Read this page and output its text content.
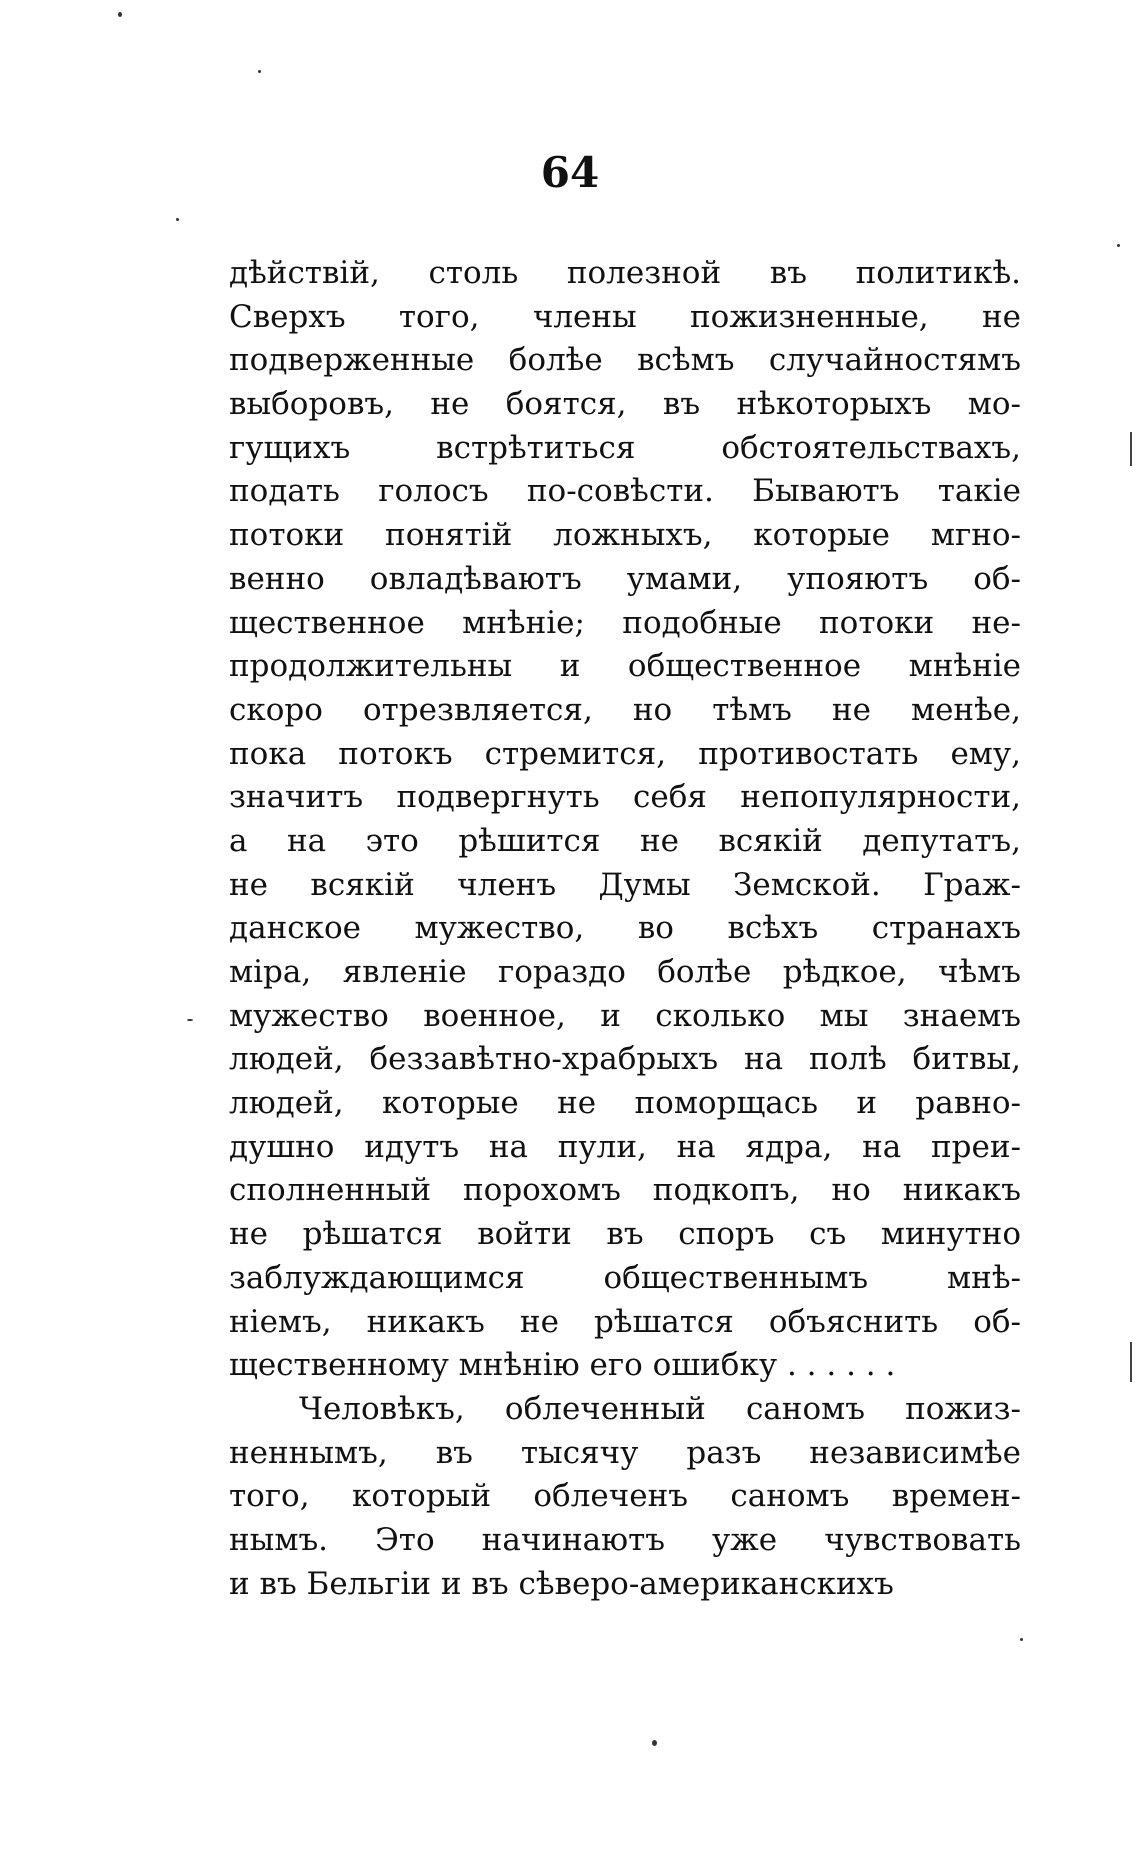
64
дѣйствій, столь полезной въ политикѣ.
Сверхъ того, члены пожизненные, не
подверженные болѣе всѣмъ случайностямъ
выборовъ, не боятся, въ нѣкоторыхъ мо-
гущихъ встрѣтиться обстоятельствахъ,
подать голосъ по-совѣсти. Бываютъ такіе
потоки понятій ложныхъ, которые мгно-
венно овладѣваютъ умами, упояютъ об-
щественное мнѣніе; подобные потоки не-
продолжительны и общественное мнѣніе
скоро отрезвляется, но тѣмъ не менѣе,
пока потокъ стремится, противостать ему,
значитъ подвергнуть себя непопулярности,
а на это рѣшится не всякій депутатъ,
не всякій членъ Думы Земской. Граж-
данское мужество, во всѣхъ странахъ
міра, явленіе гораздо болѣе рѣдкое, чѣмъ
мужество военное, и сколько мы знаемъ
людей, беззавѣтно-храбрыхъ на полѣ битвы,
людей, которые не поморщась и равно-
душно идутъ на пули, на ядра, на преи-
сполненный порохомъ подкопъ, но никакъ
не рѣшатся войти въ споръ съ минутно
заблуждающимся общественнымъ мнѣ-
ніемъ, никакъ не рѣшатся объяснить об-
щественному мнѣнію его ошибку . . . . . .
Человѣкъ, облеченный саномъ пожиз-
неннымъ, въ тысячу разъ независимѣе
того, который облеченъ саномъ времен-
нымъ. Это начинаютъ уже чувствовать
и въ Бельгіи и въ сѣверо-американскихъ
